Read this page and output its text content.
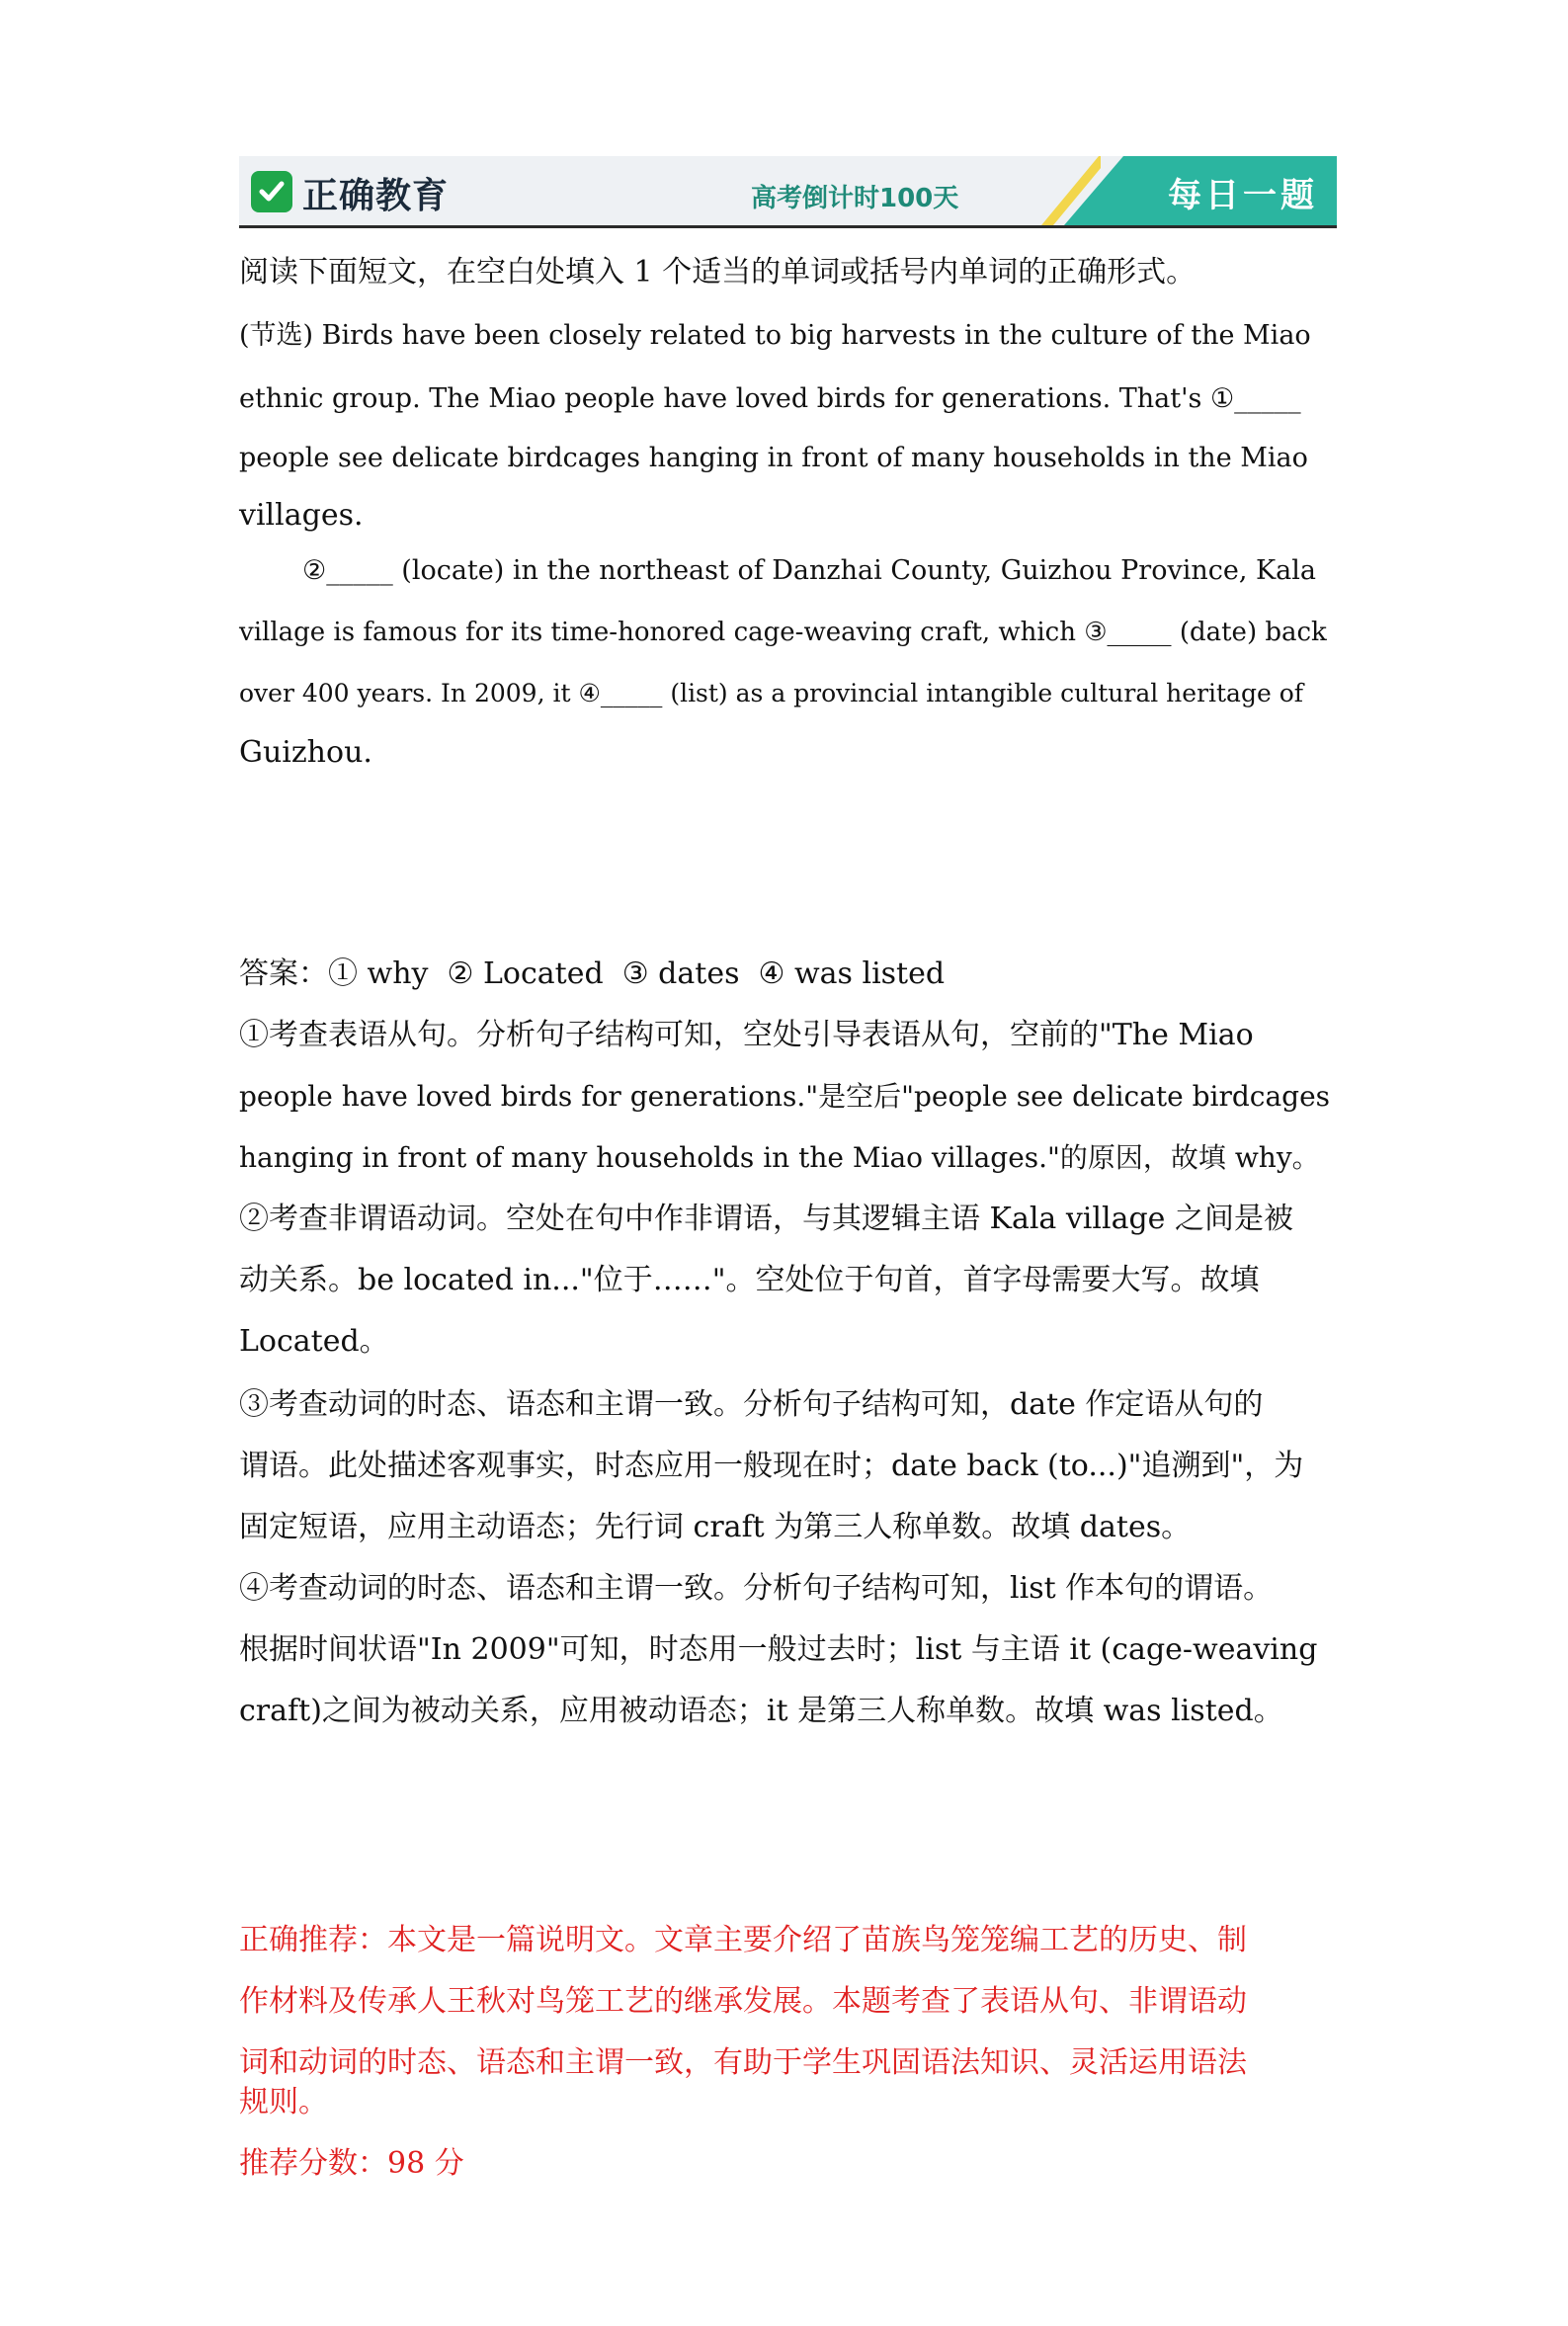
正确教育	高考倒计时100天	每日一题
阅读下面短文，在空白处填入 1 个适当的单词或括号内单词的正确形式。
(节选) Birds have been closely related to big harvests in the culture of the Miao
ethnic group. The Miao people have loved birds for generations. That's ①_____
people see delicate birdcages hanging in front of many households in the Miao
villages.
②_____ (locate) in the northeast of Danzhai County, Guizhou Province, Kala
village is famous for its time-honored cage-weaving craft, which ③_____ (date) back
over 400 years. In 2009, it ④_____ (list) as a provincial intangible cultural heritage of
Guizhou.
答案：① why  ② Located  ③ dates  ④ was listed
①考查表语从句。分析句子结构可知，空处引导表语从句，空前的"The Miao
people have loved birds for generations."是空后"people see delicate birdcages
hanging in front of many households in the Miao villages."的原因，故填 why。
②考查非谓语动词。空处在句中作非谓语，与其逻辑主语 Kala village 之间是被
动关系。be located in..."位于……"。空处位于句首，首字母需要大写。故填
Located。
③考查动词的时态、语态和主谓一致。分析句子结构可知，date 作定语从句的
谓语。此处描述客观事实，时态应用一般现在时；date back (to...)"追溯到"，为
固定短语，应用主动语态；先行词 craft 为第三人称单数。故填 dates。
④考查动词的时态、语态和主谓一致。分析句子结构可知，list 作本句的谓语。
根据时间状语"In 2009"可知，时态用一般过去时；list 与主语 it (cage-weaving
craft)之间为被动关系，应用被动语态；it 是第三人称单数。故填 was listed。
正确推荐：本文是一篇说明文。文章主要介绍了苗族鸟笼笼编工艺的历史、制
作材料及传承人王秋对鸟笼工艺的继承发展。本题考查了表语从句、非谓语动
词和动词的时态、语态和主谓一致，有助于学生巩固语法知识、灵活运用语法
规则。
推荐分数：98 分
